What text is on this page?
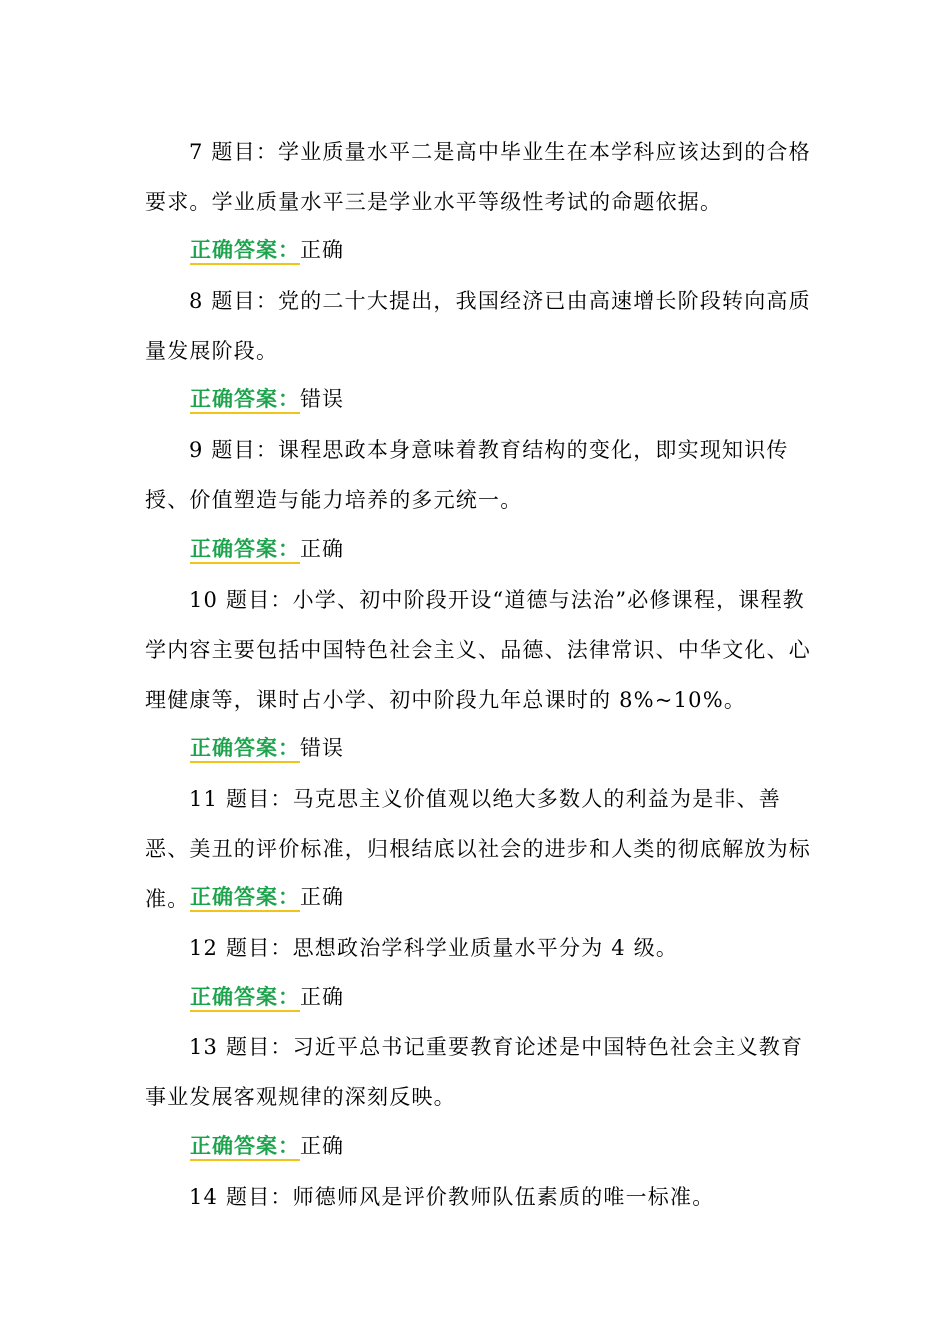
7 题目：学业质量水平二是高中毕业生在本学科应该达到的合格要求。学业质量水平三是学业水平等级性考试的命题依据。

正确答案：正确

8 题目：党的二十大提出，我国经济已由高速增长阶段转向高质量发展阶段。

正确答案：错误

9 题目：课程思政本身意味着教育结构的变化，即实现知识传授、价值塑造与能力培养的多元统一。

正确答案：正确

10 题目：小学、初中阶段开设“道德与法治”必修课程，课程教学内容主要包括中国特色社会主义、品德、法律常识、中华文化、心理健康等，课时占小学、初中阶段九年总课时的 8%~10%。

正确答案：错误

11 题目：马克思主义价值观以绝大多数人的利益为是非、善恶、美丑的评价标准，归根结底以社会的进步和人类的彻底解放为标准。 正确答案：正确

12 题目：思想政治学科学业质量水平分为 4 级。

正确答案：正确

13 题目：习近平总书记重要教育论述是中国特色社会主义教育事业发展客观规律的深刻反映。

正确答案：正确

14 题目：师德师风是评价教师队伍素质的唯一标准。
